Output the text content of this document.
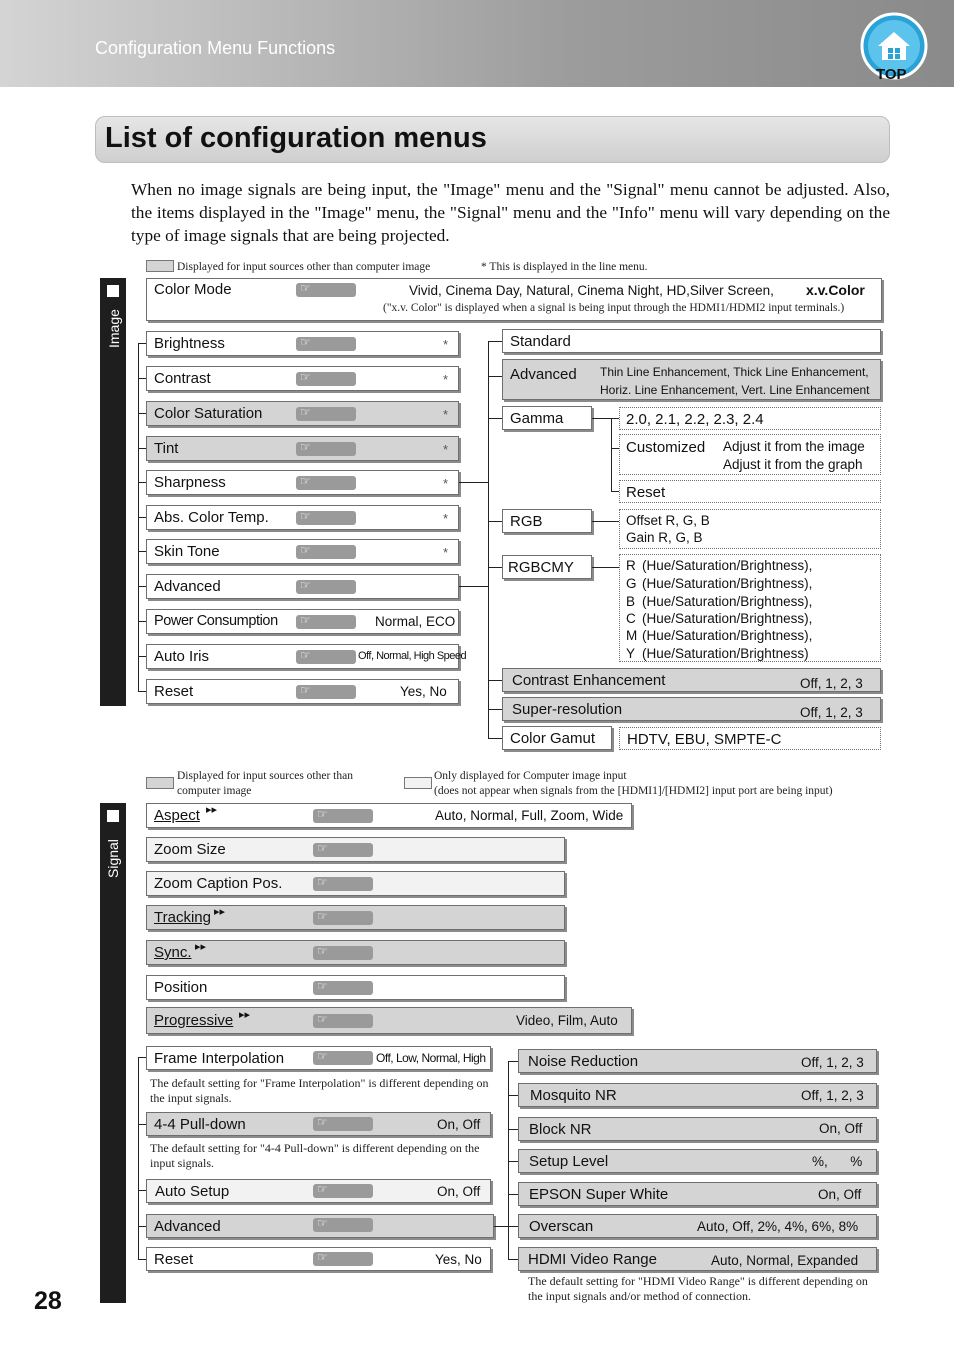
Configuration Menu Functions
TOP
List of configuration menus
When no image signals are being input, the "Image" menu and the "Signal" menu cannot be adjusted. Also, the items displayed in the "Image" menu, the "Signal" menu and the "Info" menu will vary depending on the type of image signals that are being projected.
Displayed for input sources other than computer image	* This is displayed in the line menu.
Image
Color Mode	☞	Vivid, Cinema Day, Natural, Cinema Night, HD,Silver Screen, x.v.Color
("x.v. Color" is displayed when a signal is being input through the HDMI1/HDMI2 input terminals.)
Brightness	☞	*
Contrast	☞	*
Color Saturation	☞	*
Tint	☞	*
Sharpness	☞	*
Abs. Color Temp.	☞	*
Skin Tone	☞	*
Advanced	☞
Power Consumption ☞	Normal, ECO
Auto Iris	☞	Off, Normal, High Speed
Reset	☞	Yes, No
Standard
Advanced Thin Line Enhancement, Thick Line Enhancement,
Horiz. Line Enhancement, Vert. Line Enhancement
Gamma	2.0, 2.1, 2.2, 2.3, 2.4
Customized Adjust it from the image
Adjust it from the graph
Reset
RGB	Offset R, G, B
Gain R, G, B
RGBCMY	R (Hue/Saturation/Brightness),
G (Hue/Saturation/Brightness),
B (Hue/Saturation/Brightness),
C (Hue/Saturation/Brightness),
M (Hue/Saturation/Brightness),
Y (Hue/Saturation/Brightness)
Contrast Enhancement	Off, 1, 2, 3
Super-resolution	Off, 1, 2, 3
Color Gamut HDTV, EBU, SMPTE-C
Displayed for input sources other than
computer image
Only displayed for Computer image input
(does not appear when signals from the [HDMI1]/[HDMI2] input port are being input)
Signal
Aspect ▸▸	☞	Auto, Normal, Full, Zoom, Wide
Zoom Size	☞
Zoom Caption Pos.	☞
Tracking ▸▸	☞
Sync. ▸▸	☞
Position	☞
Progressive ▸▸	☞	Video, Film, Auto
Frame Interpolation	☞	Off, Low, Normal, High
The default setting for "Frame Interpolation" is different depending on the input signals.
4-4 Pull-down	☞	On, Off
The default setting for "4-4 Pull-down" is different depending on the input signals.
Auto Setup	☞	On, Off
Advanced	☞
Reset	☞	Yes, No
Noise Reduction	Off, 1, 2, 3
Mosquito NR	Off, 1, 2, 3
Block NR	On, Off
Setup Level	%,      %
EPSON Super White	On, Off
Overscan	Auto, Off, 2%, 4%, 6%, 8%
HDMI Video Range	Auto, Normal, Expanded
The default setting for "HDMI Video Range" is different depending on the input signals and/or method of connection.
28
